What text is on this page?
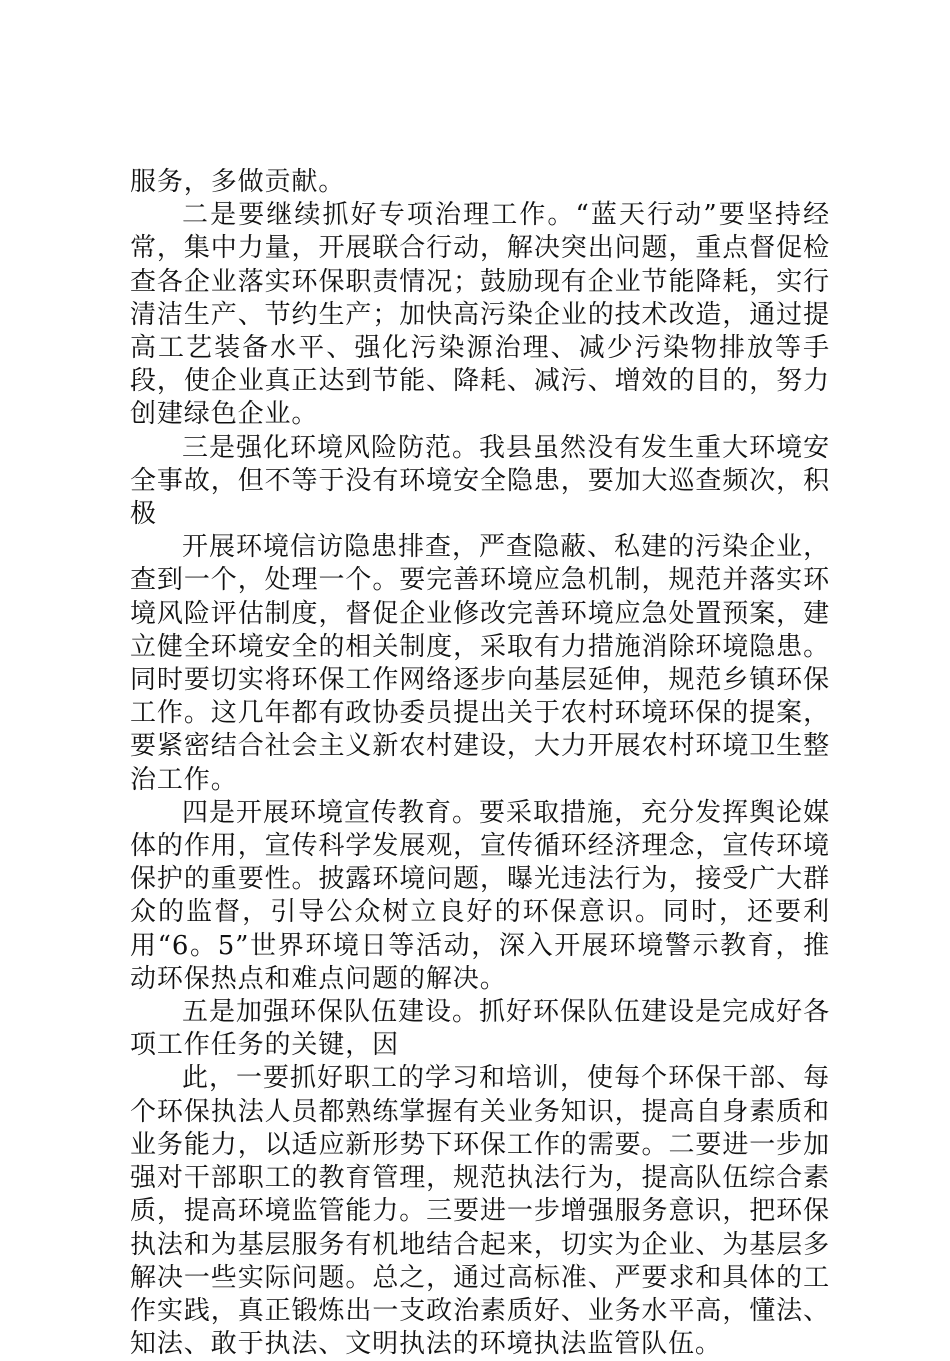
服务，多做贡献。

二是要继续抓好专项治理工作。“蓝天行动”要坚持经常，集中力量，开展联合行动，解决突出问题，重点督促检查各企业落实环保职责情况；鼓励现有企业节能降耗，实行清洁生产、节约生产；加快高污染企业的技术改造，通过提高工艺装备水平、强化污染源治理、减少污染物排放等手段，使企业真正达到节能、降耗、减污、增效的目的，努力创建绿色企业。

三是强化环境风险防范。我县虽然没有发生重大环境安全事故，但不等于没有环境安全隐患，要加大巡查频次，积极

开展环境信访隐患排查，严查隐蔽、私建的污染企业，查到一个，处理一个。要完善环境应急机制，规范并落实环境风险评估制度，督促企业修改完善环境应急处置预案，建立健全环境安全的相关制度，采取有力措施消除环境隐患。同时要切实将环保工作网络逐步向基层延伸，规范乡镇环保工作。这几年都有政协委员提出关于农村环境环保的提案，要紧密结合社会主义新农村建设，大力开展农村环境卫生整治工作。

四是开展环境宣传教育。要采取措施，充分发挥舆论媒体的作用，宣传科学发展观，宣传循环经济理念，宣传环境保护的重要性。披露环境问题，曝光违法行为，接受广大群众的监督，引导公众树立良好的环保意识。同时，还要利用“6。5”世界环境日等活动，深入开展环境警示教育，推动环保热点和难点问题的解决。

五是加强环保队伍建设。抓好环保队伍建设是完成好各项工作任务的关键，因

此，一要抓好职工的学习和培训，使每个环保干部、每个环保执法人员都熟练掌握有关业务知识，提高自身素质和业务能力，以适应新形势下环保工作的需要。二要进一步加强对干部职工的教育管理，规范执法行为，提高队伍综合素质，提高环境监管能力。三要进一步增强服务意识，把环保执法和为基层服务有机地结合起来，切实为企业、为基层多解决一些实际问题。总之，通过高标准、严要求和具体的工作实践，真正锻炼出一支政治素质好、业务水平高，懂法、知法、敢于执法、文明执法的环境执法监管队伍。
